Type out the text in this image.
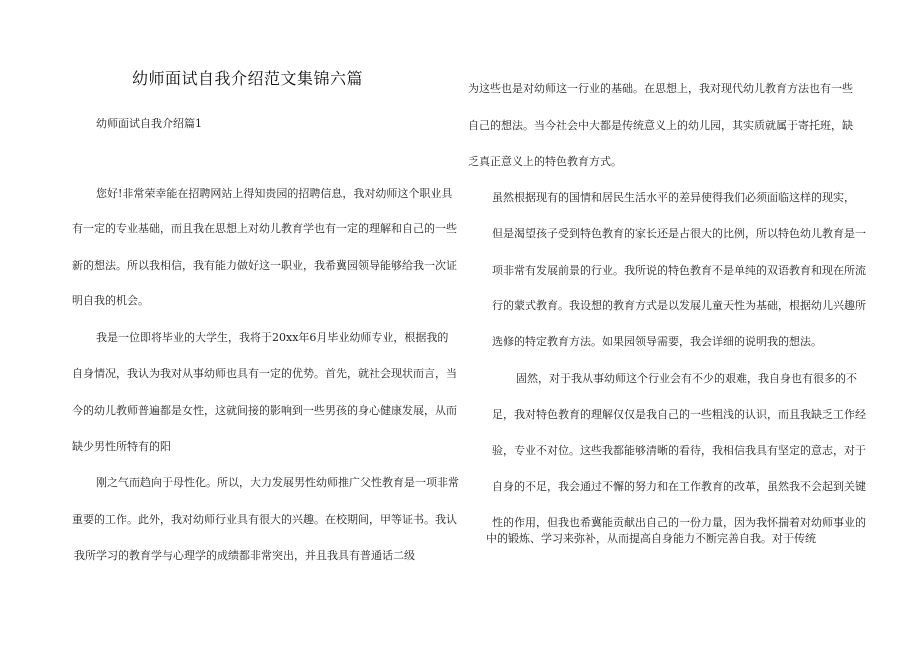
幼师面试自我介绍范文集锦六篇
幼师面试自我介绍篇1
您好!非常荣幸能在招聘网站上得知贵园的招聘信息，我对幼师这个职业具
有一定的专业基础，而且我在思想上对幼儿教育学也有一定的理解和自己的一些
新的想法。所以我相信，我有能力做好这一职业，我希冀园领导能够给我一次证
明自我的机会。
我是一位即将毕业的大学生，我将于20xx年6月毕业幼师专业，根据我的
自身情况，我认为我对从事幼师也具有一定的优势。首先，就社会现状而言，当
今的幼儿教师普遍都是女性，这就间接的影响到一些男孩的身心健康发展，从而
缺少男性所特有的阳
刚之气而趋向于母性化。所以，大力发展男性幼师推广父性教育是一项非常
重要的工作。此外，我对幼师行业具有很大的兴趣。在校期间，甲等证书。我认
我所学习的教育学与心理学的成绩都非常突出，并且我具有普通话二级
为这些也是对幼师这一行业的基础。在思想上，我对现代幼儿教育方法也有一些
自己的想法。当今社会中大都是传统意义上的幼儿园，其实质就属于寄托班，缺
乏真正意义上的特色教育方式。
虽然根据现有的国情和居民生活水平的差异使得我们必须面临这样的现实，
但是渴望孩子受到特色教育的家长还是占很大的比例，所以特色幼儿教育是一
项非常有发展前景的行业。我所说的特色教育不是单纯的双语教育和现在所流
行的蒙式教育。我设想的教育方式是以发展儿童天性为基础，根据幼儿兴趣所
选修的特定教育方法。如果园领导需要，我会详细的说明我的想法。
固然，对于我从事幼师这个行业会有不少的艰难，我自身也有很多的不
足，我对特色教育的理解仅仅是我自己的一些粗浅的认识，而且我缺乏工作经
验，专业不对位。这些我都能够清晰的看待，我相信我具有坚定的意志，对于
自身的不足，我会通过不懈的努力和在工作教育的改革，虽然我不会起到关键
性的作用，但我也希冀能贡献出自己的一份力量，因为我怀揣着对幼师事业的
中的锻炼、学习来弥补，从而提高自身能力不断完善自我。对于传统
